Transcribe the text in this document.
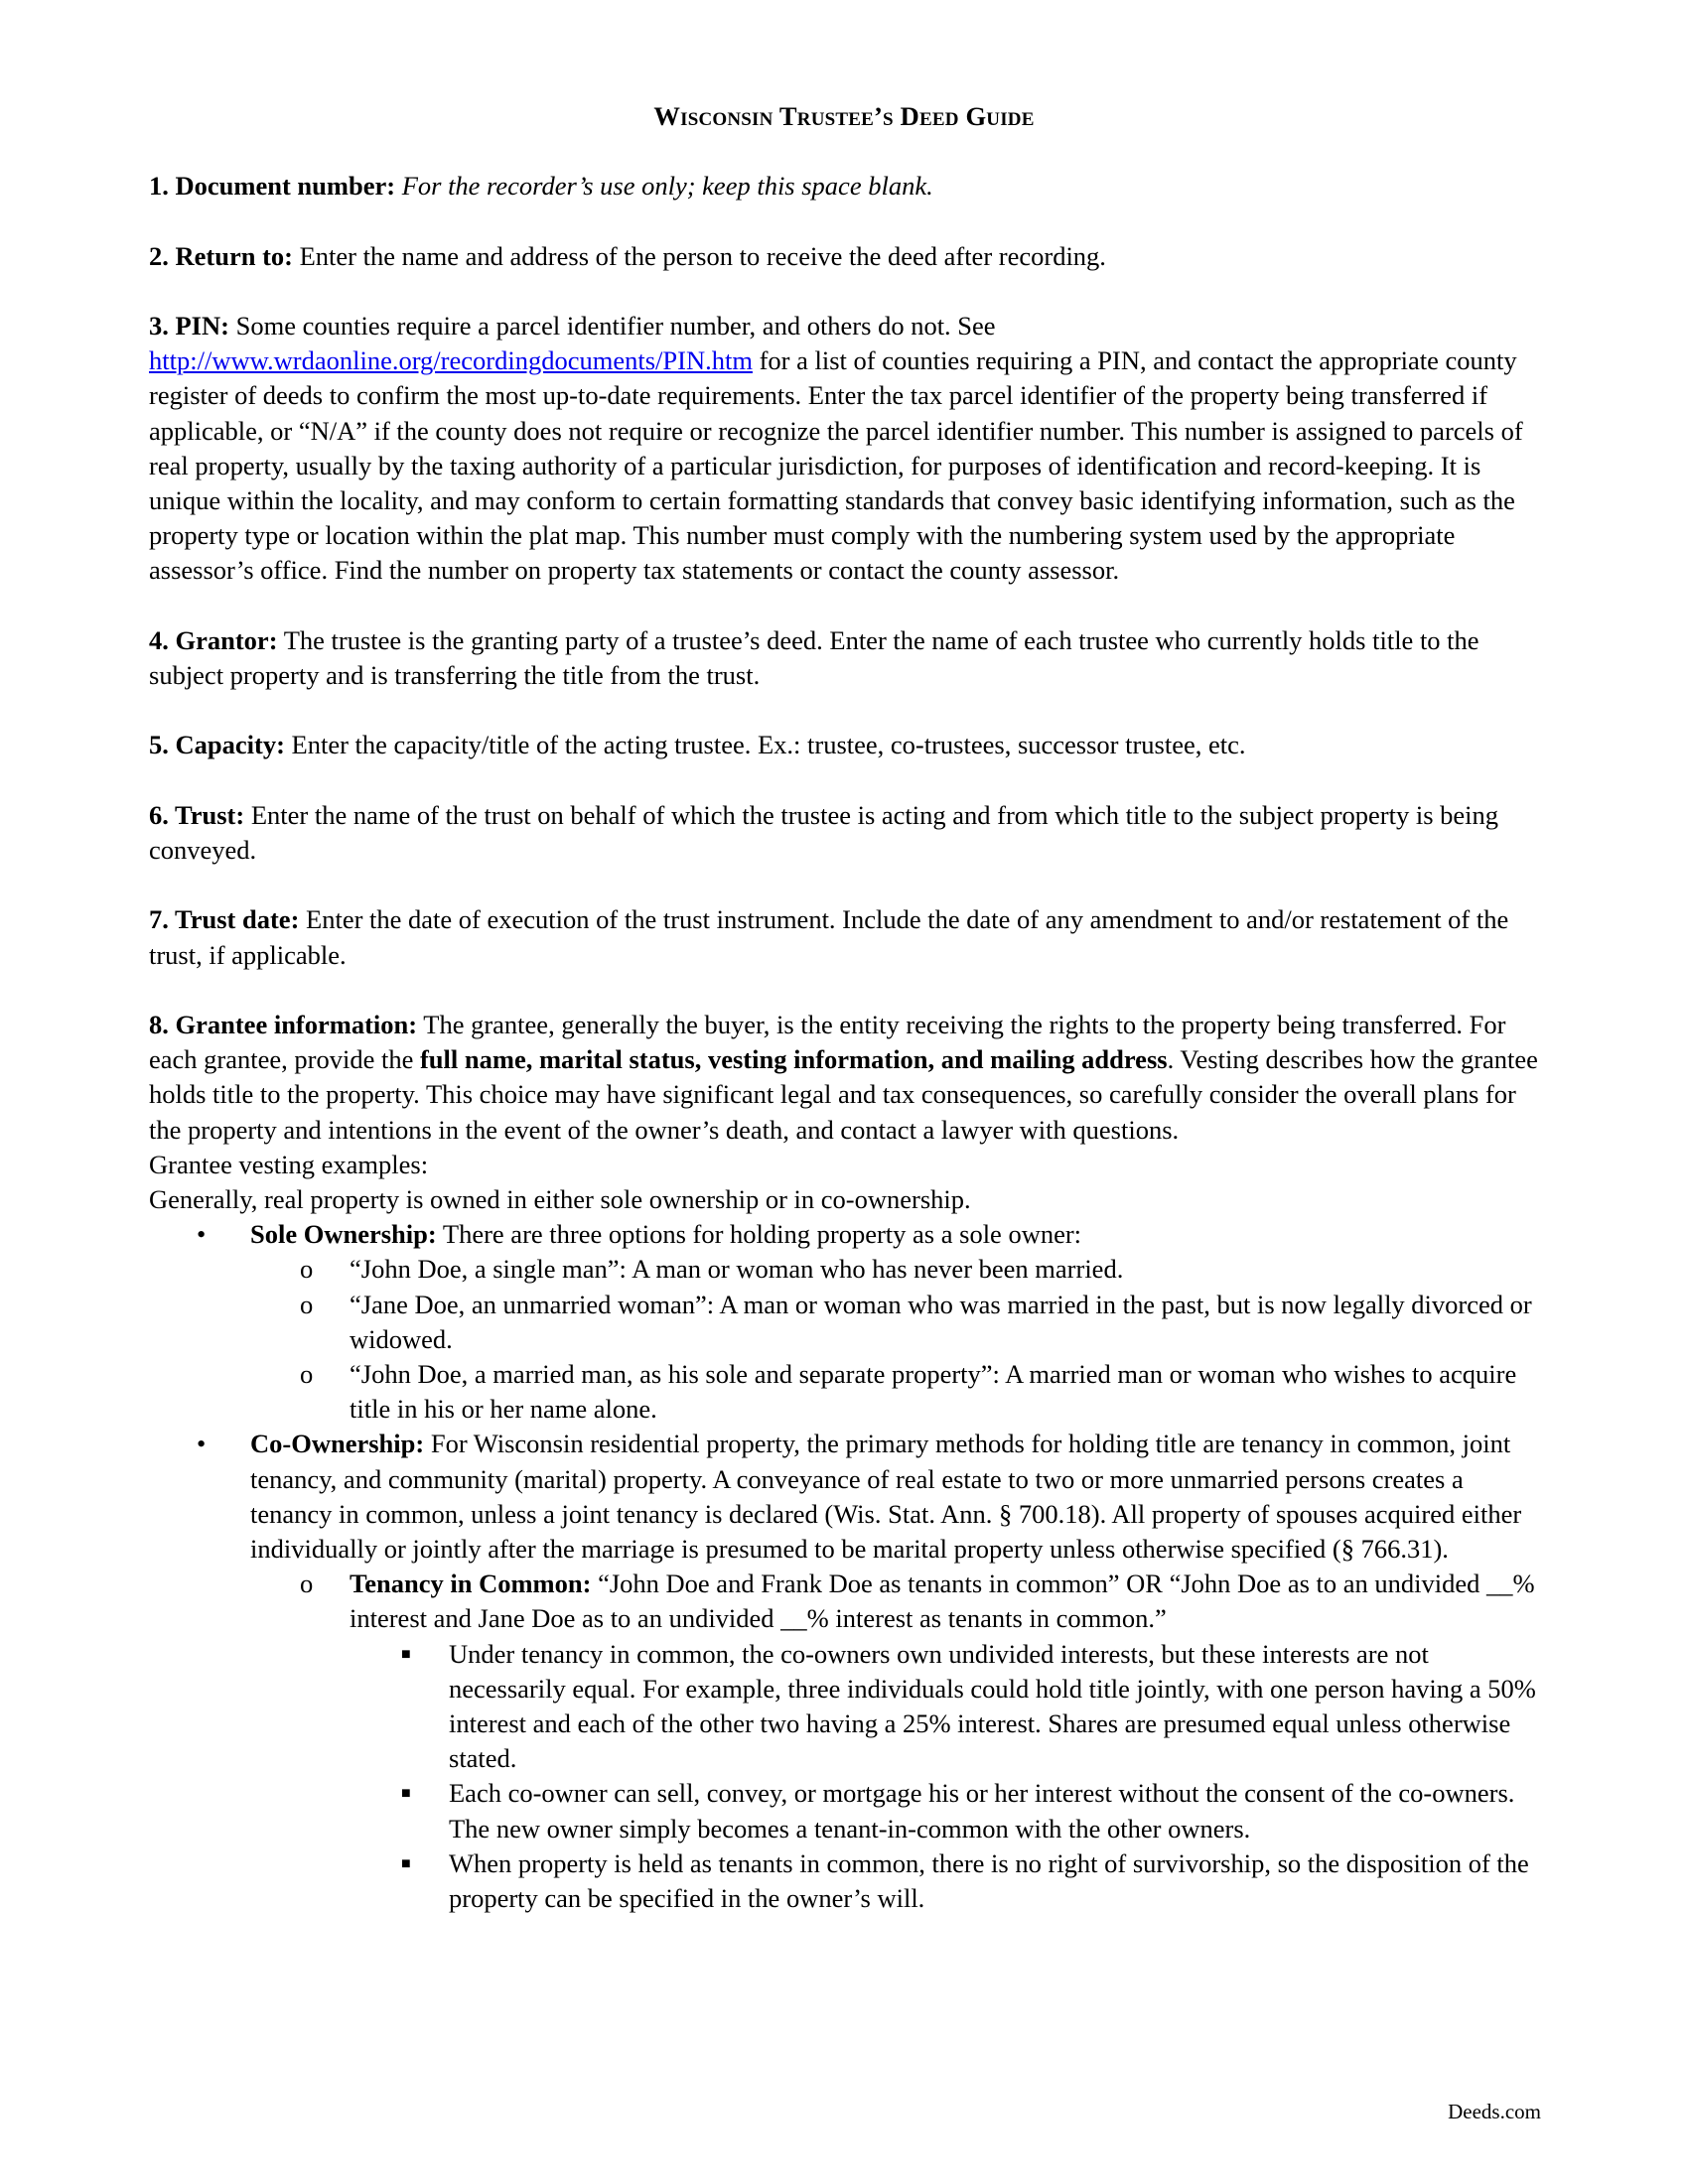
Wisconsin Trustee’s Deed Guide

1. Document number: For the recorder’s use only; keep this space blank.

2. Return to: Enter the name and address of the person to receive the deed after recording.

3. PIN: Some counties require a parcel identifier number, and others do not. See http://www.wrdaonline.org/recordingdocuments/PIN.htm for a list of counties requiring a PIN, and contact the appropriate county register of deeds to confirm the most up-to-date requirements. Enter the tax parcel identifier of the property being transferred if applicable, or “N/A” if the county does not require or recognize the parcel identifier number. This number is assigned to parcels of real property, usually by the taxing authority of a particular jurisdiction, for purposes of identification and record-keeping. It is unique within the locality, and may conform to certain formatting standards that convey basic identifying information, such as the property type or location within the plat map. This number must comply with the numbering system used by the appropriate assessor’s office. Find the number on property tax statements or contact the county assessor.

4. Grantor: The trustee is the granting party of a trustee’s deed. Enter the name of each trustee who currently holds title to the subject property and is transferring the title from the trust.

5. Capacity: Enter the capacity/title of the acting trustee. Ex.: trustee, co-trustees, successor trustee, etc.

6. Trust: Enter the name of the trust on behalf of which the trustee is acting and from which title to the subject property is being conveyed.

7. Trust date: Enter the date of execution of the trust instrument. Include the date of any amendment to and/or restatement of the trust, if applicable.

8. Grantee information: The grantee, generally the buyer, is the entity receiving the rights to the property being transferred. For each grantee, provide the full name, marital status, vesting information, and mailing address. Vesting describes how the grantee holds title to the property. This choice may have significant legal and tax consequences, so carefully consider the overall plans for the property and intentions in the event of the owner’s death, and contact a lawyer with questions.

Grantee vesting examples:

Generally, real property is owned in either sole ownership or in co-ownership.

• Sole Ownership: There are three options for holding property as a sole owner:
o “John Doe, a single man”: A man or woman who has never been married.
o “Jane Doe, an unmarried woman”: A man or woman who was married in the past, but is now legally divorced or widowed.
o “John Doe, a married man, as his sole and separate property”: A married man or woman who wishes to acquire title in his or her name alone.
• Co-Ownership: For Wisconsin residential property, the primary methods for holding title are tenancy in common, joint tenancy, and community (marital) property. A conveyance of real estate to two or more unmarried persons creates a tenancy in common, unless a joint tenancy is declared (Wis. Stat. Ann. § 700.18). All property of spouses acquired either individually or jointly after the marriage is presumed to be marital property unless otherwise specified (§ 766.31).
o Tenancy in Common: “John Doe and Frank Doe as tenants in common” OR “John Doe as to an undivided __% interest and Jane Doe as to an undivided __% interest as tenants in common.”
■ Under tenancy in common, the co-owners own undivided interests, but these interests are not necessarily equal. For example, three individuals could hold title jointly, with one person having a 50% interest and each of the other two having a 25% interest. Shares are presumed equal unless otherwise stated.
■ Each co-owner can sell, convey, or mortgage his or her interest without the consent of the co-owners. The new owner simply becomes a tenant-in-common with the other owners.
■ When property is held as tenants in common, there is no right of survivorship, so the disposition of the property can be specified in the owner’s will.
Deeds.com
